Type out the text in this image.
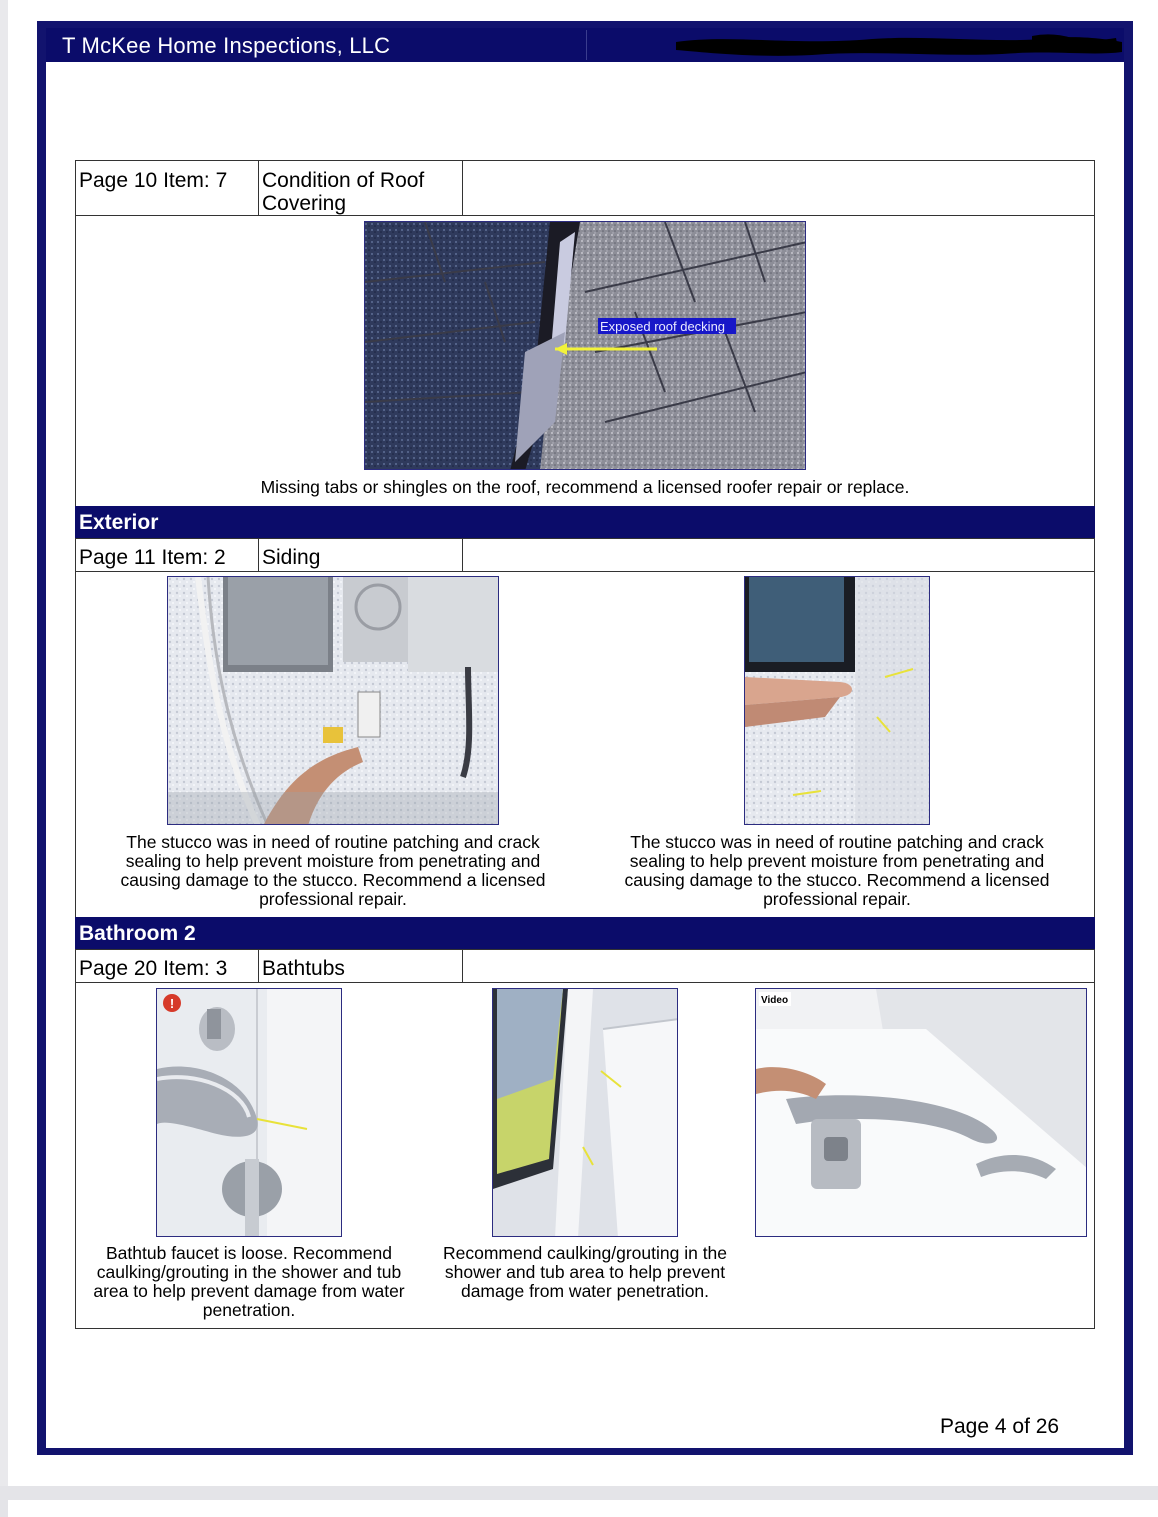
T McKee Home Inspections, LLC
Page 10 Item: 7 Condition of Roof Covering
Exposed roof decking
Missing tabs or shingles on the roof, recommend a licensed roofer repair or replace.
Exterior
Page 11 Item: 2 Siding
The stucco was in need of routine patching and crack sealing to help prevent moisture from penetrating and causing damage to the stucco. Recommend a licensed professional repair.
The stucco was in need of routine patching and crack sealing to help prevent moisture from penetrating and causing damage to the stucco. Recommend a licensed professional repair.
Bathroom 2
Page 20 Item: 3 Bathtubs
!	Video
Bathtub faucet is loose. Recommend caulking/grouting in the shower and tub area to help prevent damage from water penetration.
Recommend caulking/grouting in the shower and tub area to help prevent damage from water penetration.
Page 4 of 26
